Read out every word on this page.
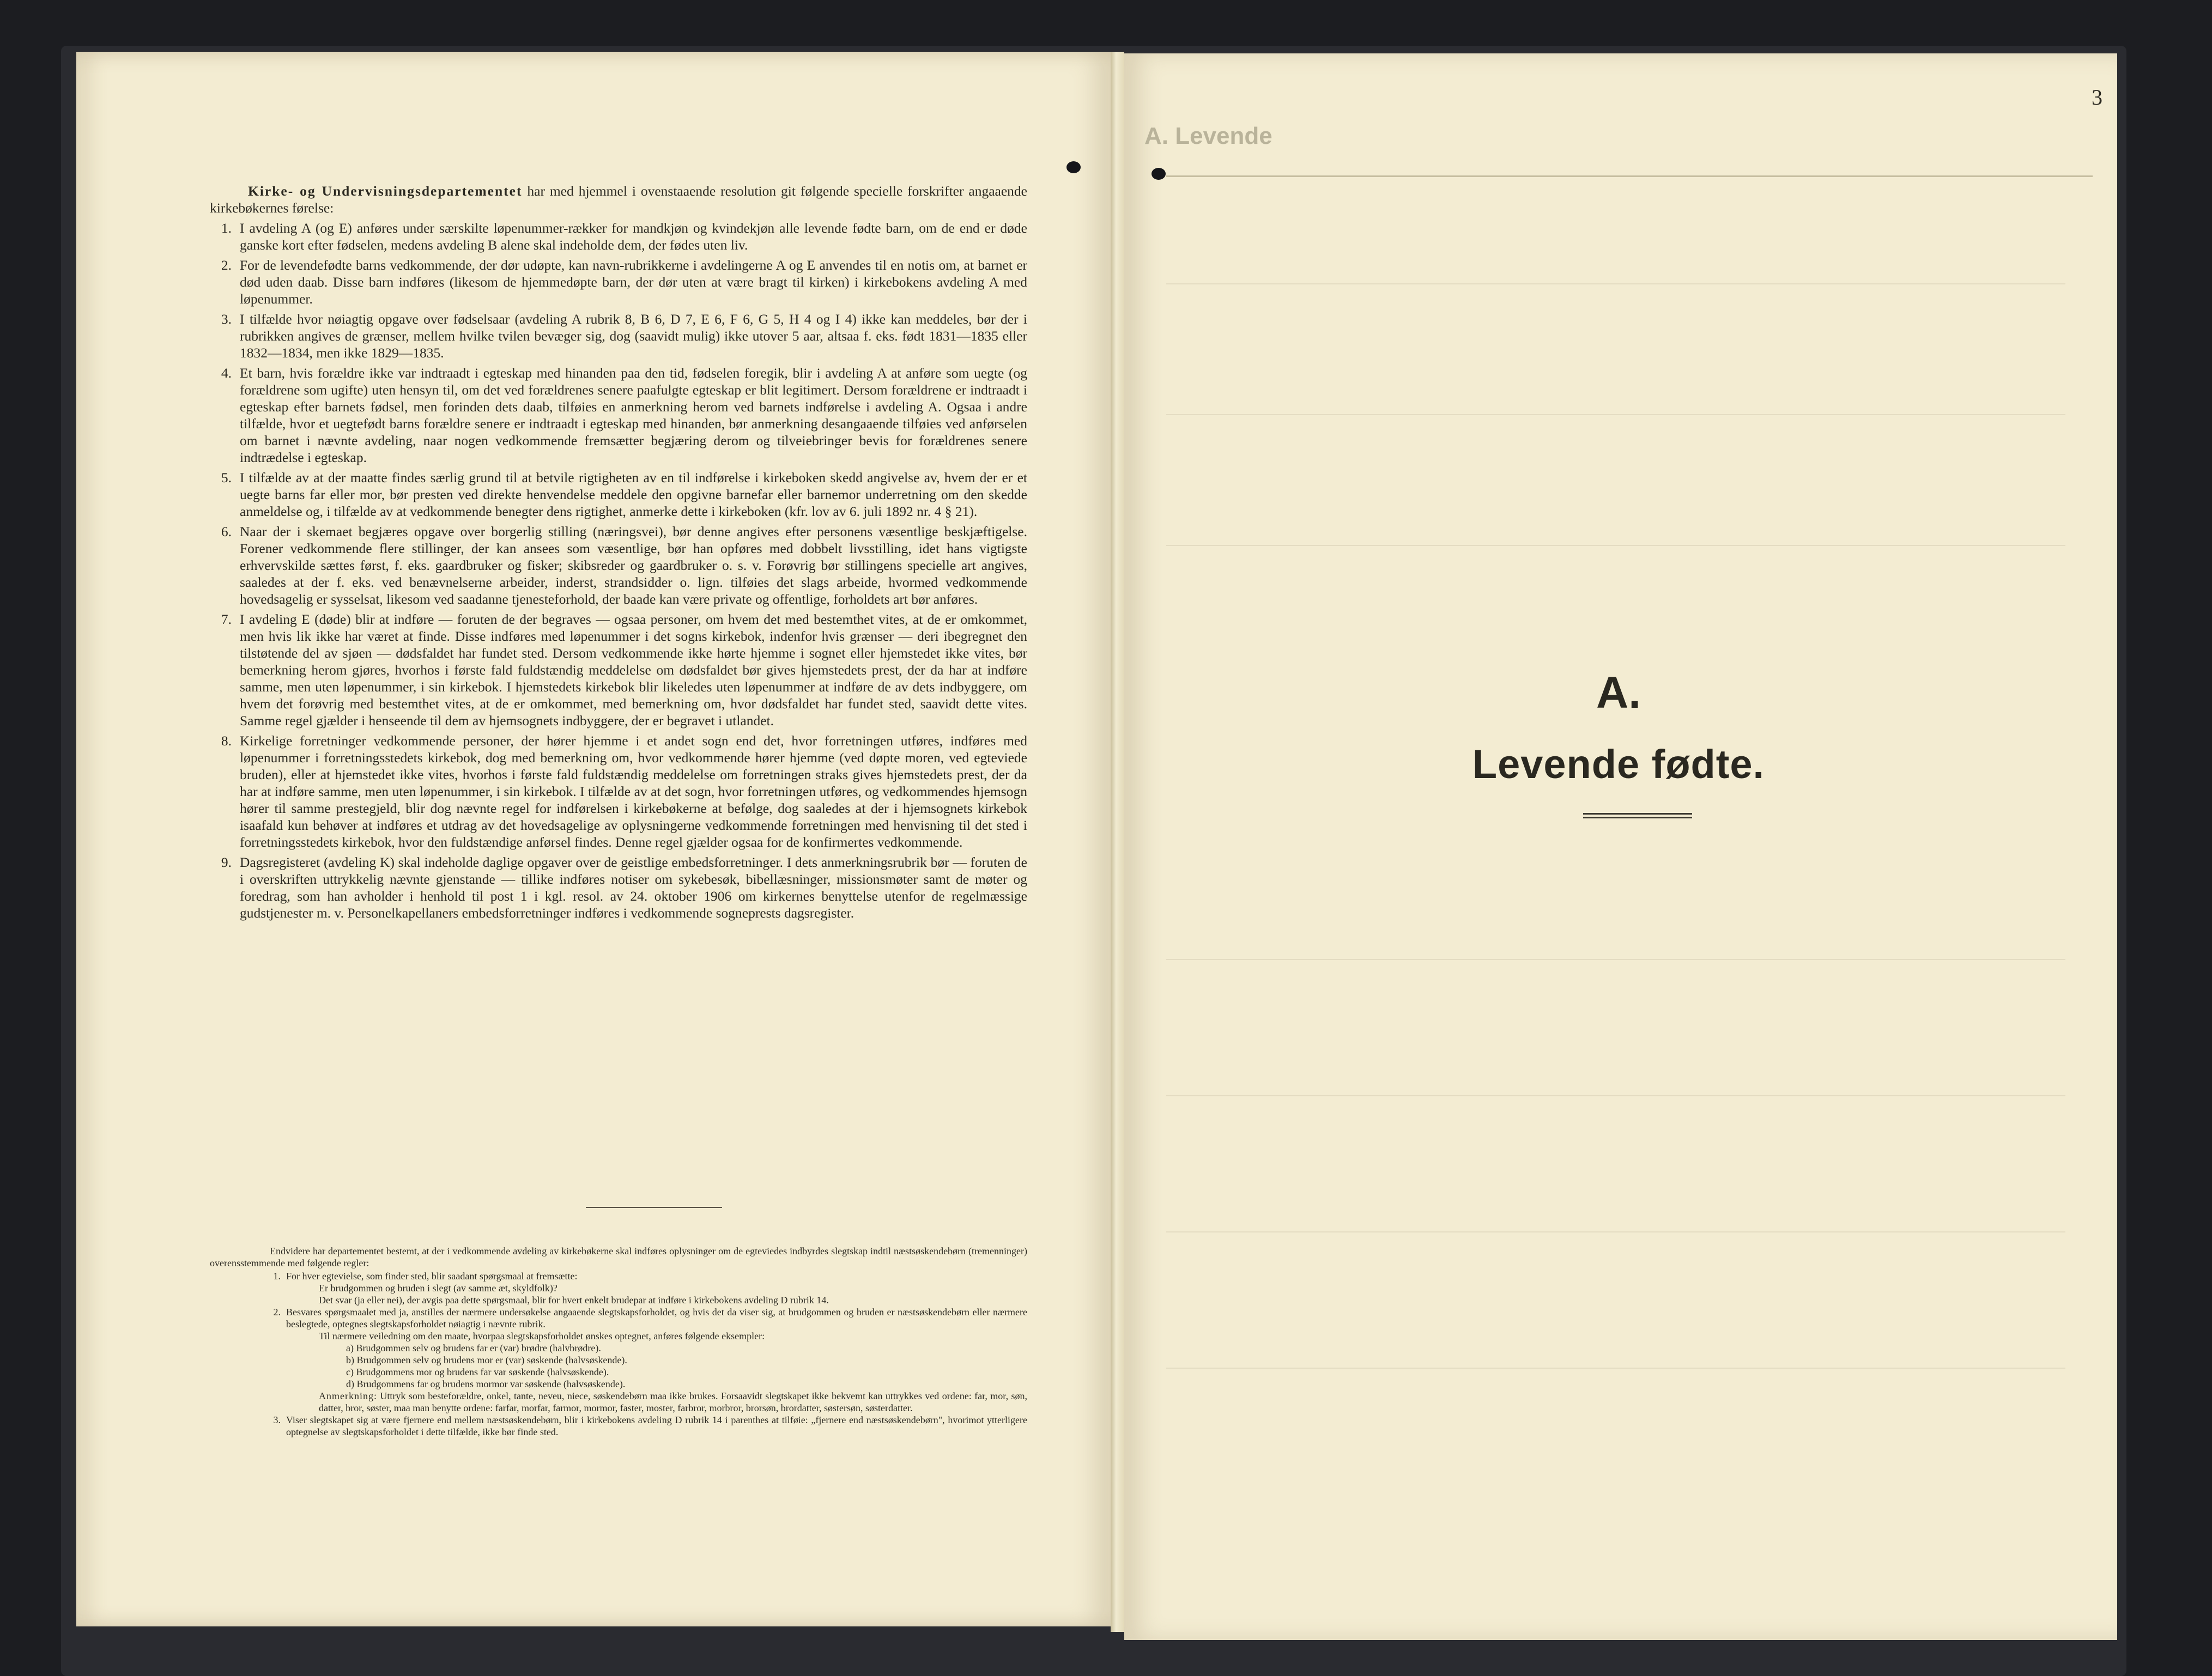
Kirke- og Undervisningsdepartementet har med hjemmel i ovenstaaende resolution git følgende specielle forskrifter angaaende kirkebøkernes førelse:

1. I avdeling A (og E) anføres under særskilte løpenummer-rækker for mandkjøn og kvindekjøn alle levende fødte barn, om de end er døde ganske kort efter fødselen, medens avdeling B alene skal indeholde dem, der fødes uten liv.
2. For de levendefødte barns vedkommende, der dør udøpte, kan navn-rubrikkerne i avdelingerne A og E anvendes til en notis om, at barnet er død uden daab. Disse barn indføres (likesom de hjemmedøpte barn, der dør uten at være bragt til kirken) i kirkebokens avdeling A med løpenummer.
3. I tilfælde hvor nøiagtig opgave over fødselsaar (avdeling A rubrik 8, B 6, D 7, E 6, F 6, G 5, H 4 og I 4) ikke kan meddeles, bør der i rubrikken angives de grænser, mellem hvilke tvilen bevæger sig, dog (saavidt mulig) ikke utover 5 aar, altsaa f. eks. født 1831—1835 eller 1832—1834, men ikke 1829—1835.
4. Et barn, hvis forældre ikke var indtraadt i egteskap med hinanden paa den tid, fødselen foregik, blir i avdeling A at anføre som uegte (og forældrene som ugifte) uten hensyn til, om det ved forældrenes senere paafulgte egteskap er blit legitimert. Dersom forældrene er indtraadt i egteskap efter barnets fødsel, men forinden dets daab, tilføies en anmerkning herom ved barnets indførelse i avdeling A. Ogsaa i andre tilfælde, hvor et uegtefødt barns forældre senere er indtraadt i egteskap med hinanden, bør anmerkning desangaaende tilføies ved anførselen om barnet i nævnte avdeling, naar nogen vedkommende fremsætter begjæring derom og tilveiebringer bevis for forældrenes senere indtrædelse i egteskap.
5. I tilfælde av at der maatte findes særlig grund til at betvile rigtigheten av en til indførelse i kirkeboken skedd angivelse av, hvem der er et uegte barns far eller mor, bør presten ved direkte henvendelse meddele den opgivne barnefar eller barnemor underretning om den skedde anmeldelse og, i tilfælde av at vedkommende benegter dens rigtighet, anmerke dette i kirkeboken (kfr. lov av 6. juli 1892 nr. 4 § 21).
6. Naar der i skemaet begjæres opgave over borgerlig stilling (næringsvei), bør denne angives efter personens væsentlige beskjæftigelse. Forener vedkommende flere stillinger, der kan ansees som væsentlige, bør han opføres med dobbelt livsstilling, idet hans vigtigste erhvervskilde sættes først, f. eks. gaardbruker og fisker; skibsreder og gaardbruker o. s. v. Forøvrig bør stillingens specielle art angives, saaledes at der f. eks. ved benævnelserne arbeider, inderst, strandsidder o. lign. tilføies det slags arbeide, hvormed vedkommende hovedsagelig er sysselsat, likesom ved saadanne tjenesteforhold, der baade kan være private og offentlige, forholdets art bør anføres.
7. I avdeling E (døde) blir at indføre — foruten de der begraves — ogsaa personer, om hvem det med bestemthet vites, at de er omkommet, men hvis lik ikke har været at finde. Disse indføres med løpenummer i det sogns kirkebok, indenfor hvis grænser — deri ibegregnet den tilstøtende del av sjøen — dødsfaldet har fundet sted. Dersom vedkommende ikke hørte hjemme i sognet eller hjemstedet ikke vites, bør bemerkning herom gjøres, hvorhos i første fald fuldstændig meddelelse om dødsfaldet bør gives hjemstedets prest, der da har at indføre samme, men uten løpenummer, i sin kirkebok. I hjemstedets kirkebok blir likeledes uten løpenummer at indføre de av dets indbyggere, om hvem det forøvrig med bestemthet vites, at de er omkommet, med bemerkning om, hvor dødsfaldet har fundet sted, saavidt dette vites. Samme regel gjælder i henseende til dem av hjemsognets indbyggere, der er begravet i utlandet.
8. Kirkelige forretninger vedkommende personer, der hører hjemme i et andet sogn end det, hvor forretningen utføres, indføres med løpenummer i forretningsstedets kirkebok, dog med bemerkning om, hvor vedkommende hører hjemme (ved døpte moren, ved egteviede bruden), eller at hjemstedet ikke vites, hvorhos i første fald fuldstændig meddelelse om forretningen straks gives hjemstedets prest, der da har at indføre samme, men uten løpenummer, i sin kirkebok. I tilfælde av at det sogn, hvor forretningen utføres, og vedkommendes hjemsogn hører til samme prestegjeld, blir dog nævnte regel for indførelsen i kirkebøkerne at befølge, dog saaledes at der i hjemsognets kirkebok isaafald kun behøver at indføres et utdrag av det hovedsagelige av oplysningerne vedkommende forretningen med henvisning til det sted i forretningsstedets kirkebok, hvor den fuldstændige anførsel findes. Denne regel gjælder ogsaa for de konfirmertes vedkommende.
9. Dagsregisteret (avdeling K) skal indeholde daglige opgaver over de geistlige embedsforretninger. I dets anmerkningsrubrik bør — foruten de i overskriften uttrykkelig nævnte gjenstande — tillike indføres notiser om sykebesøk, bibellæsninger, missionsmøter samt de møter og foredrag, som han avholder i henhold til post 1 i kgl. resol. av 24. oktober 1906 om kirkernes benyttelse utenfor de regelmæssige gudstjenester m. v. Personelkapellaners embedsforretninger indføres i vedkommende sogneprests dagsregister.

Endvidere har departementet bestemt, at der i vedkommende avdeling av kirkebøkerne skal indføres oplysninger om de egteviedes indbyrdes slegtskap indtil næstsøskendebørn (tremenninger) overensstemmende med følgende regler:

1. For hver egtevielse, som finder sted, blir saadant spørgsmaal at fremsætte:

Er brudgommen og bruden i slegt (av samme æt, skyldfolk)?

Det svar (ja eller nei), der avgis paa dette spørgsmaal, blir for hvert enkelt brudepar at indføre i kirkebokens avdeling D rubrik 14.

2. Besvares spørgsmaalet med ja, anstilles der nærmere undersøkelse angaaende slegtskapsforholdet, og hvis det da viser sig, at brudgommen og bruden er næstsøskendebørn eller nærmere beslegtede, optegnes slegtskapsforholdet nøiagtig i nævnte rubrik.

Til nærmere veiledning om den maate, hvorpaa slegtskapsforholdet ønskes optegnet, anføres følgende eksempler:

a) Brudgommen selv og brudens far er (var) brødre (halvbrødre).

b) Brudgommen selv og brudens mor er (var) søskende (halvsøskende).

c) Brudgommens mor og brudens far var søskende (halvsøskende).

d) Brudgommens far og brudens mormor var søskende (halvsøskende).

Anmerkning: Uttryk som besteforældre, onkel, tante, neveu, niece, søskendebørn maa ikke brukes. Forsaavidt slegtskapet ikke bekvemt kan uttrykkes ved ordene: far, mor, søn, datter, bror, søster, maa man benytte ordene: farfar, morfar, farmor, mormor, faster, moster, farbror, morbror, brorsøn, brordatter, søstersøn, søsterdatter.

3. Viser slegtskapet sig at være fjernere end mellem næstsøskendebørn, blir i kirkebokens avdeling D rubrik 14 i parenthes at tilføie: „fjernere end næstsøskendebørn", hvorimot ytterligere optegnelse av slegtskapsforholdet i dette tilfælde, ikke bør finde sted.

3
A. Levende
A.
Levende fødte.
